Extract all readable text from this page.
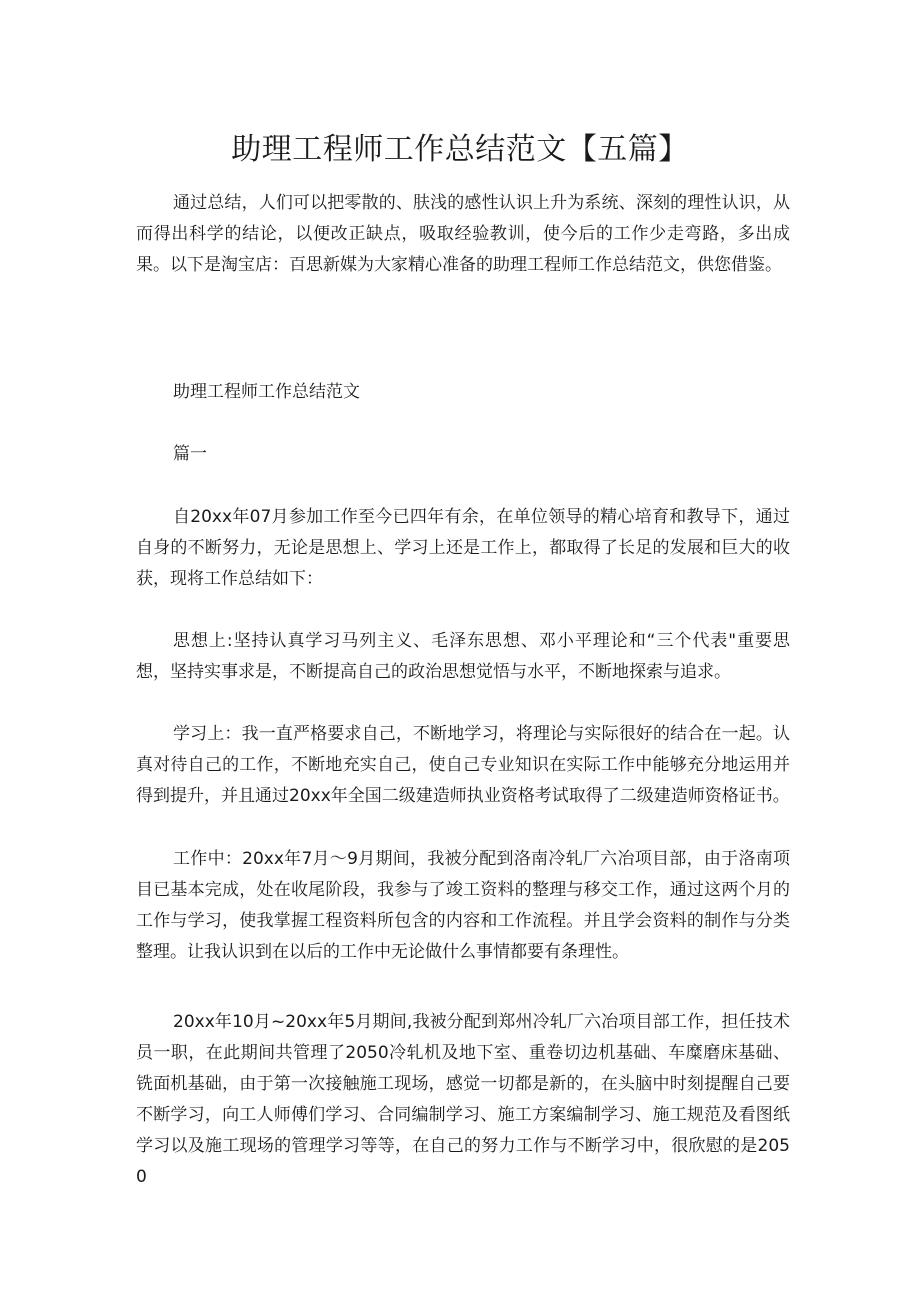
助理工程师工作总结范文【五篇】

通过总结，人们可以把零散的、肤浅的感性认识上升为系统、深刻的理性认识，从而得出科学的结论，以便改正缺点，吸取经验教训，使今后的工作少走弯路，多出成果。以下是淘宝店：百思新媒为大家精心准备的助理工程师工作总结范文，供您借鉴。

助理工程师工作总结范文

篇一

自20xx年07月参加工作至今已四年有余，在单位领导的精心培育和教导下，通过自身的不断努力，无论是思想上、学习上还是工作上，都取得了长足的发展和巨大的收获，现将工作总结如下：

思想上:坚持认真学习马列主义、毛泽东思想、邓小平理论和“三个代表"重要思想，坚持实事求是，不断提高自己的政治思想觉悟与水平，不断地探索与追求。

学习上：我一直严格要求自己，不断地学习，将理论与实际很好的结合在一起。认真对待自己的工作，不断地充实自己，使自己专业知识在实际工作中能够充分地运用并得到提升，并且通过20xx年全国二级建造师执业资格考试取得了二级建造师资格证书。

工作中：20xx年7月〜9月期间，我被分配到洛南冷轧厂六冶项目部，由于洛南项目已基本完成，处在收尾阶段，我参与了竣工资料的整理与移交工作，通过这两个月的工作与学习，使我掌握工程资料所包含的内容和工作流程。并且学会资料的制作与分类整理。让我认识到在以后的工作中无论做什么事情都要有条理性。

20xx年10月~20xx年5月期间,我被分配到郑州冷轧厂六冶项目部工作，担任技术员一职，在此期间共管理了2050冷轧机及地下室、重卷切边机基础、车糜磨床基础、铣面机基础，由于第一次接触施工现场，感觉一切都是新的，在头脑中时刻提醒自己要不断学习，向工人师傅们学习、合同编制学习、施工方案编制学习、施工规范及看图纸学习以及施工现场的管理学习等等，在自己的努力工作与不断学习中，很欣慰的是2050
